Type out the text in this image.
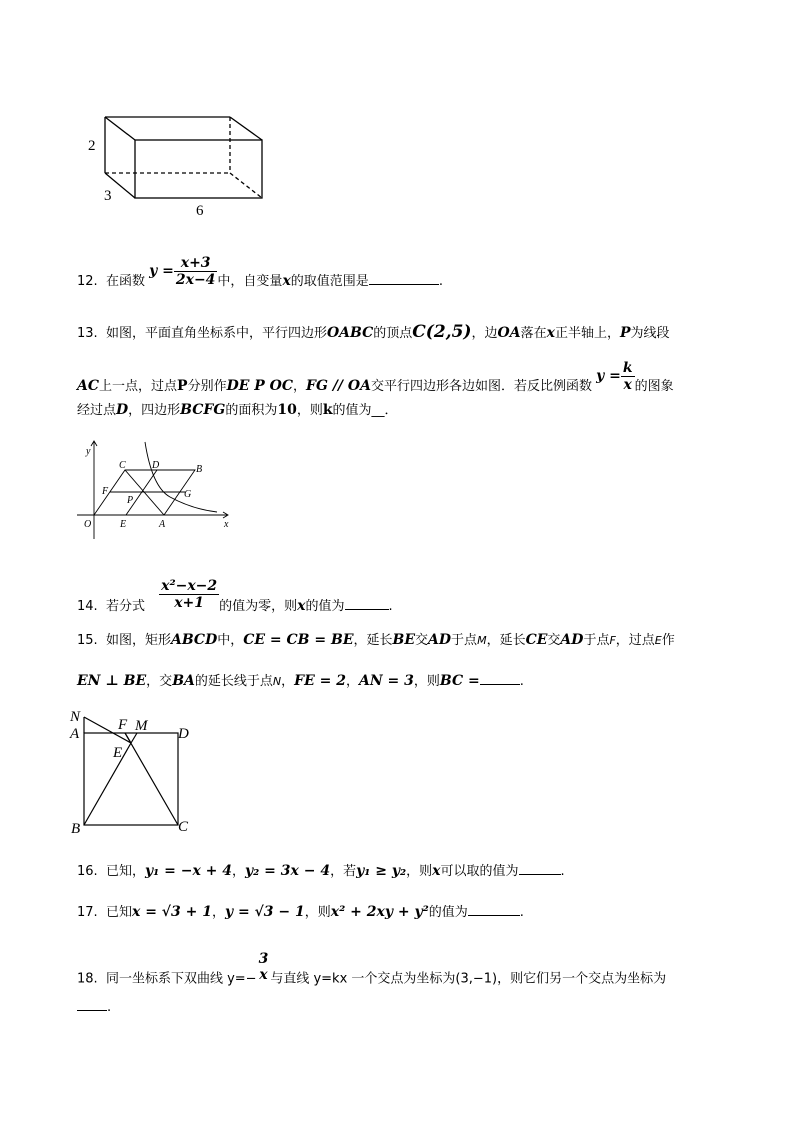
2
3
6
12. 在函数 $y = \frac{x+3}{2x-4}$ 中，自变量x的取值范围是	.
13. 如图，平面直角坐标系中，平行四边形OABC的顶点C(2,5)，边OA落在x正半轴上，P为线段
AC上一点，过点P分别作DE P OC，FG // OA交平行四边形各边如图．若反比例函数 $y = \frac{k}{x}$ 的图象
经过点D，四边形BCFG的面积为10，则k的值为__．
y
x
O
C	D	B
F
P
G
E	A
14. 若分式 $\frac{\text{x²−x−2}}{x+1}$ 的值为零，则x的值为	.
15. 如图，矩形ABCD中，CE = CB = BE，延长BE交AD于点M，延长CE交AD于点F，过点E作
EN ⊥ BE，交BA的延长线于点N，FE = 2，AN = 3，则BC =	.
N
A
F M D
E
B	C
16. 已知，y₁ = −x + 4，y₂ = 3x − 4，若y₁ ≥ y₂，则x可以取的值为	.
17. 已知x = √3 + 1，y = √3 − 1，则x² + 2xy + y²的值为	.
18. 同一坐标系下双曲线 y=−
3
x 与直线 y=kx 一个交点为坐标为(3,−1)，则它们另一个交点为坐标为
.
